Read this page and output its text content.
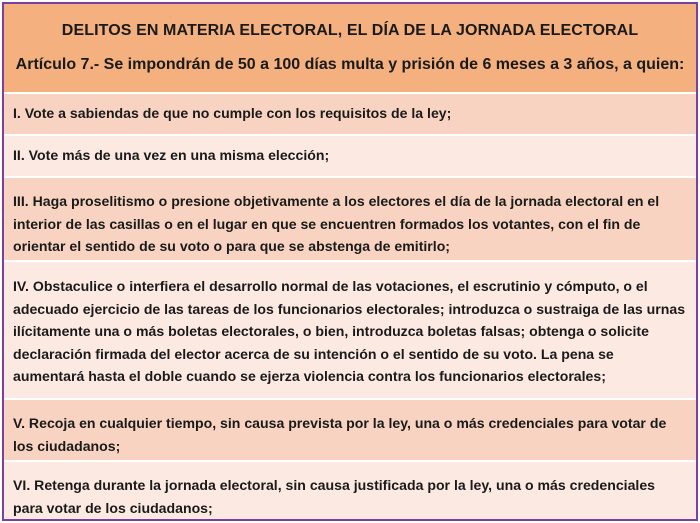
DELITOS EN MATERIA ELECTORAL, EL DÍA DE LA JORNADA ELECTORAL
Artículo 7.- Se impondrán de 50 a 100 días multa y prisión de 6 meses a 3 años, a quien:
I. Vote a sabiendas de que no cumple con los requisitos de la ley;
II. Vote más de una vez en una misma elección;
III. Haga proselitismo o presione objetivamente a los electores el día de la jornada electoral en el interior de las casillas o en el lugar en que se encuentren formados los votantes, con el fin de orientar el sentido de su voto o para que se abstenga de emitirlo;
IV. Obstaculice o interfiera el desarrollo normal de las votaciones, el escrutinio y cómputo, o el adecuado ejercicio de las tareas de los funcionarios electorales; introduzca o sustraiga de las urnas ilícitamente una o más boletas electorales, o bien, introduzca boletas falsas; obtenga o solicite declaración firmada del elector acerca de su intención o el sentido de su voto. La pena se aumentará hasta el doble cuando se ejerza violencia contra los funcionarios electorales;
V. Recoja en cualquier tiempo, sin causa prevista por la ley, una o más credenciales para votar de los ciudadanos;
VI. Retenga durante la jornada electoral, sin causa justificada por la ley, una o más credenciales para votar de los ciudadanos;
